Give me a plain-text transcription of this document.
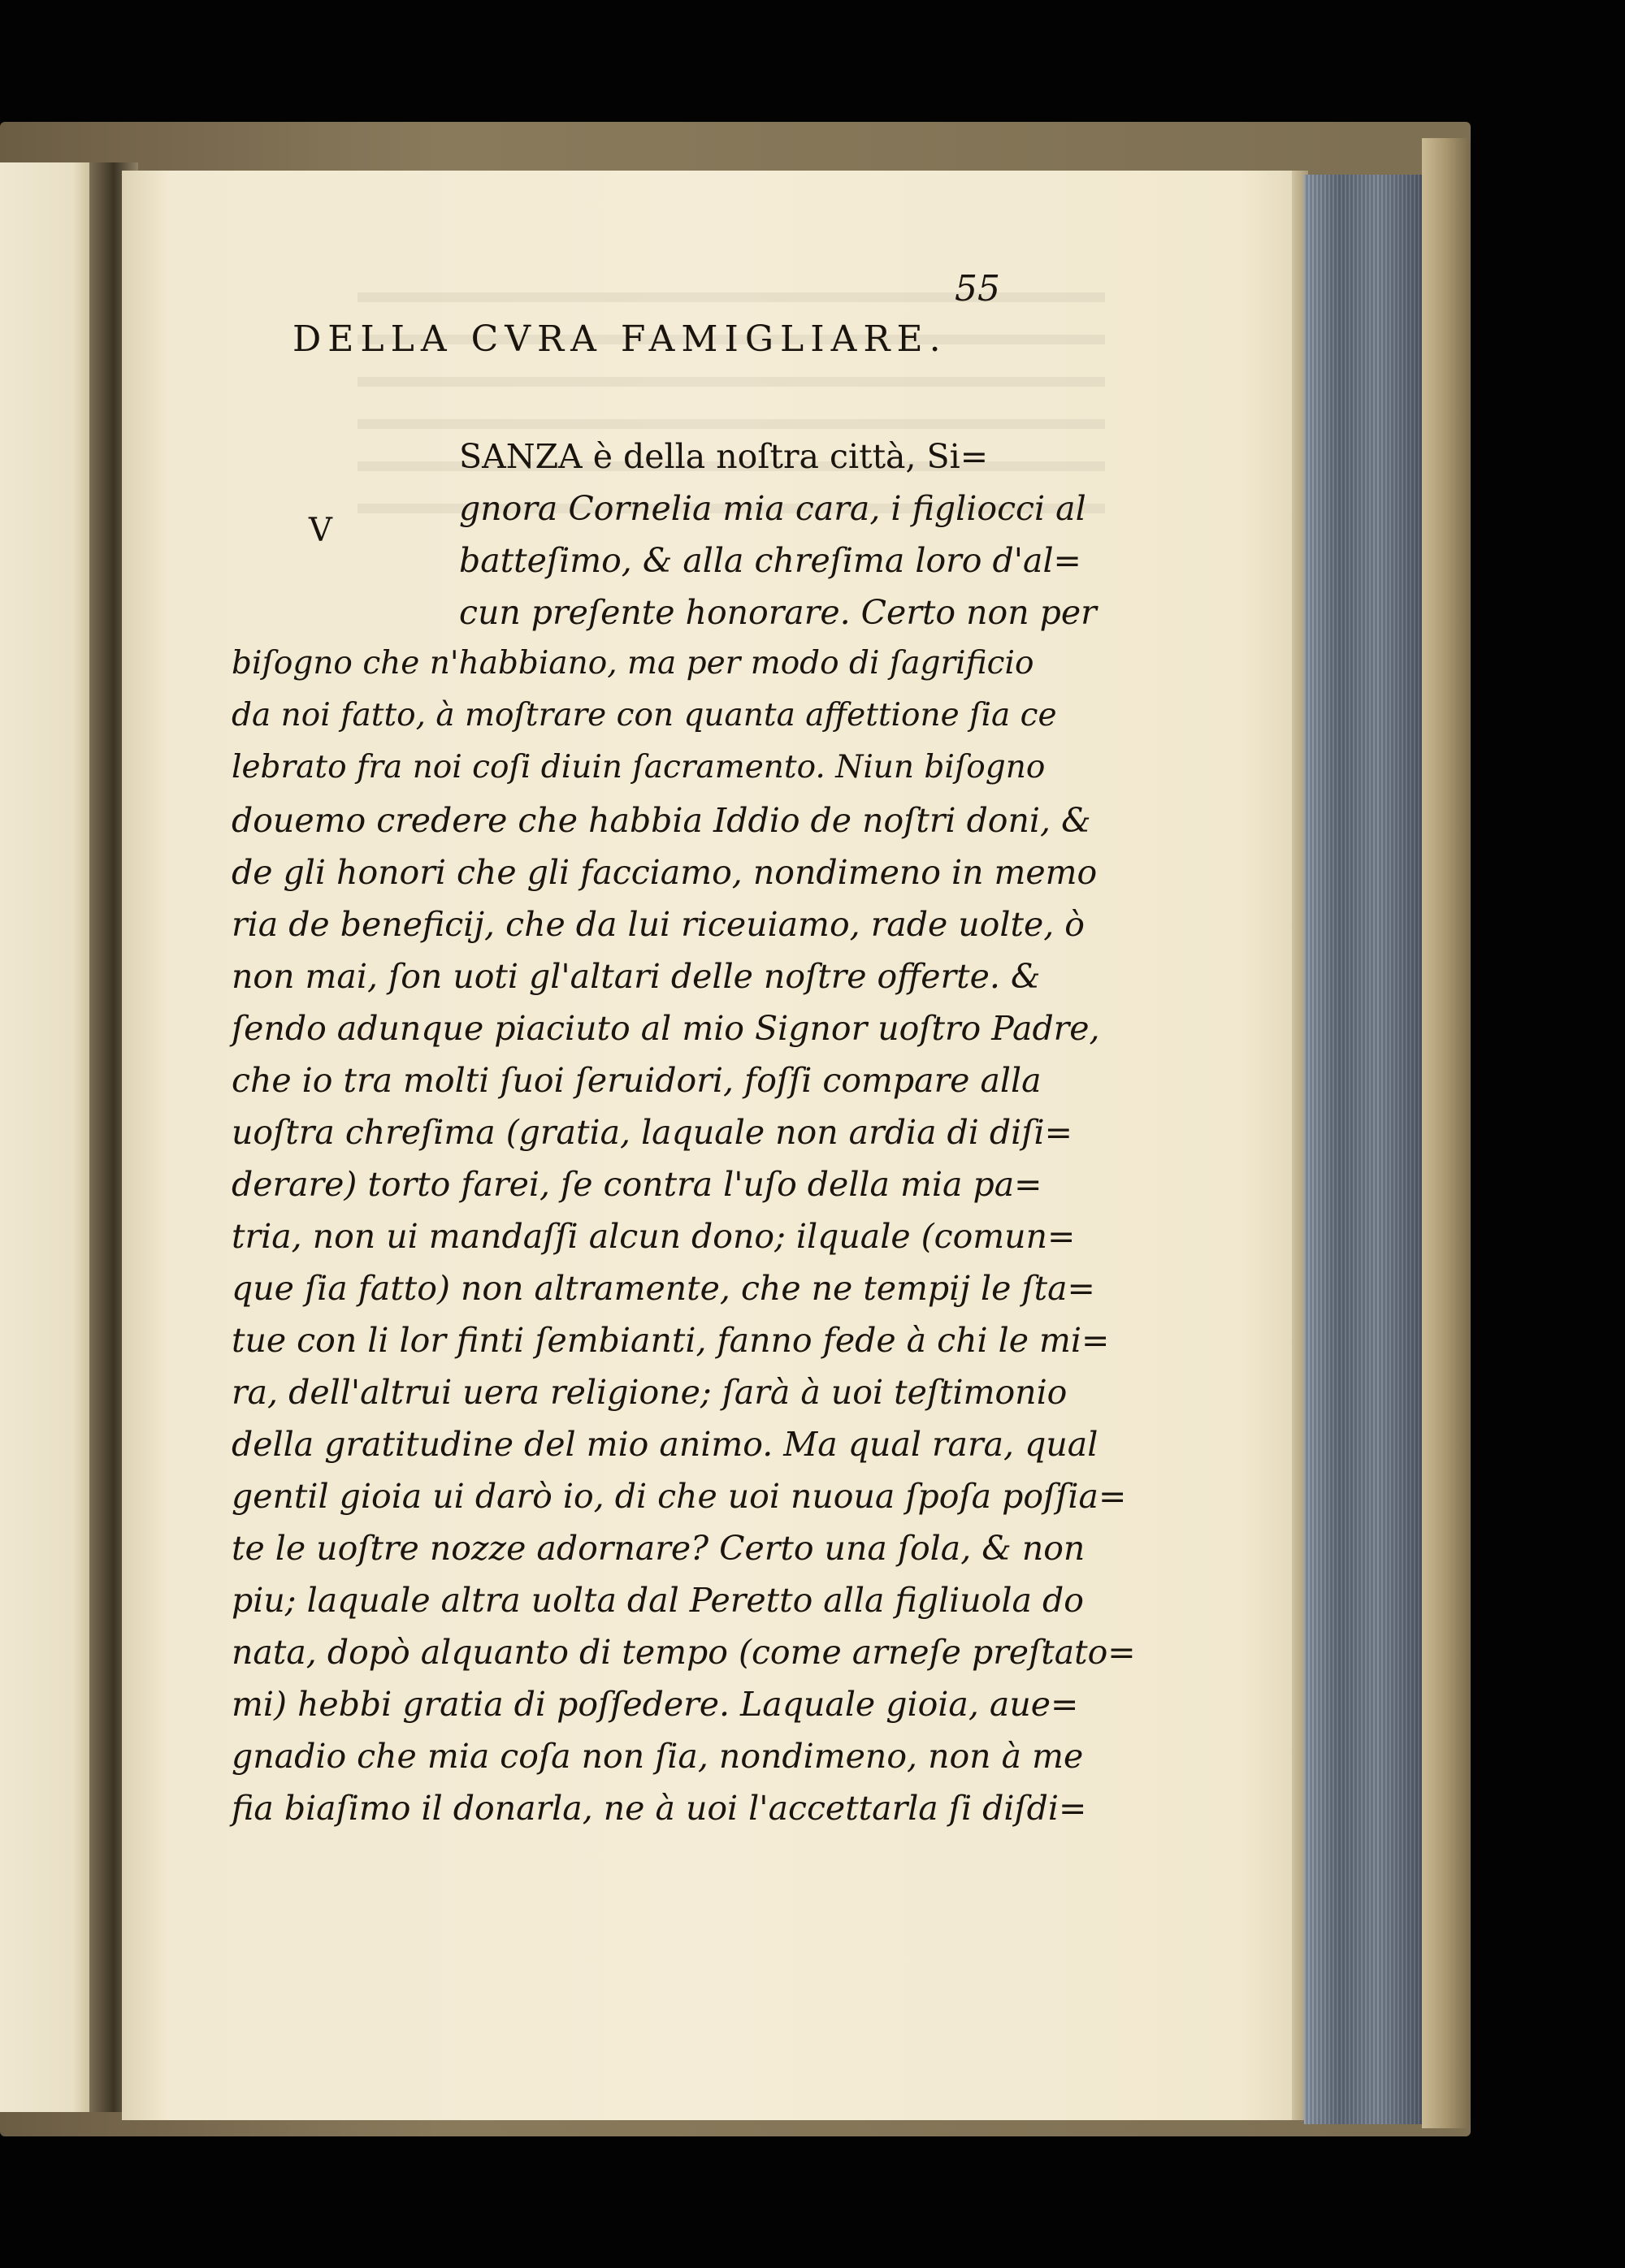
55
DELLA CVRA FAMIGLIARE.
V
SANZA è della noſtra città, Si=
gnora Cornelia mia cara, i figliocci al
batteſimo, & alla chreſima loro d'al=
cun preſente honorare. Certo non per
biſogno che n'habbiano, ma per modo di ſagrificio
da noi fatto, à moſtrare con quanta affettione ſia ce
lebrato fra noi coſi diuin ſacramento. Niun biſogno
douemo credere che habbia Iddio de noſtri doni, &
de gli honori che gli facciamo, nondimeno in memo
ria de beneficij, che da lui riceuiamo, rade uolte, ò
non mai, ſon uoti gl'altari delle noſtre offerte. &
ſendo adunque piaciuto al mio Signor uoſtro Padre,
che io tra molti ſuoi ſeruidori, foſſi compare alla
uoſtra chreſima (gratia, laquale non ardia di diſi=
derare) torto farei, ſe contra l'uſo della mia pa=
tria, non ui mandaſſi alcun dono; ilquale (comun=
que ſia fatto) non altramente, che ne tempij le ſta=
tue con li lor finti ſembianti, fanno fede à chi le mi=
ra, dell'altrui uera religione; ſarà à uoi teſtimonio
della gratitudine del mio animo. Ma qual rara, qual
gentil gioia ui darò io, di che uoi nuoua ſpoſa poſſia=
te le uoſtre nozze adornare? Certo una ſola, & non
piu; laquale altra uolta dal Peretto alla figliuola do
nata, dopò alquanto di tempo (come arneſe preſtato=
mi) hebbi gratia di poſſedere. Laquale gioia, aue=
gnadio che mia coſa non ſia, nondimeno, non à me
fia biaſimo il donarla, ne à uoi l'accettarla ſi diſdi=
